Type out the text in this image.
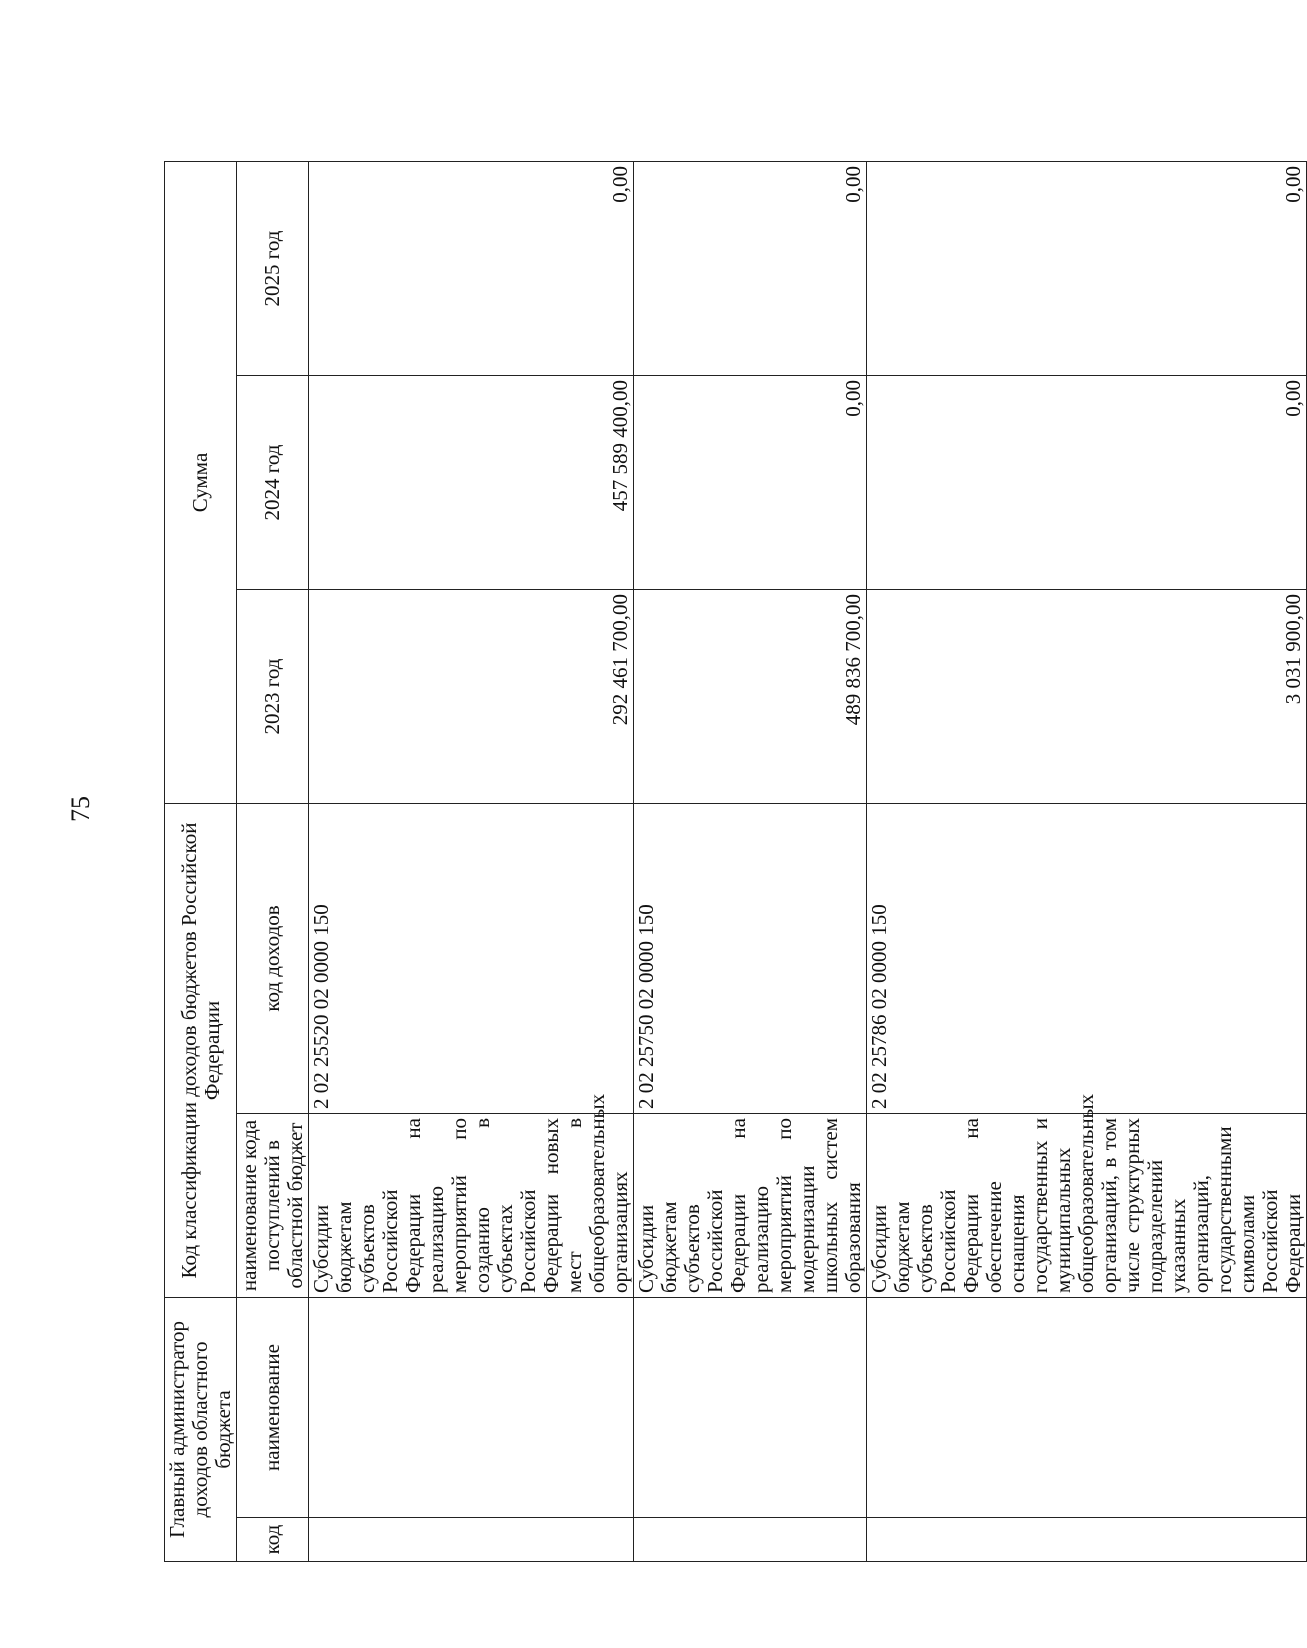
75
Главный администратор доходов областного бюджета		Код классификации доходов бюджетов Российской Федерации		Сумма		
код	наименование	наименование кода поступлений в областной бюджет	код доходов	2023 год	2024 год	2025 год
		Субсидии бюджетам субъектов Российской Федерации на реализацию мероприятий по созданию в субъектах Российской Федерации новых мест в общеобразовательных организациях	2 02 25520 02 0000 150	292 461 700,00	457 589 400,00	0,00
		Субсидии бюджетам субъектов Российской Федерации на реализацию мероприятий по модернизации школьных систем образования	2 02 25750 02 0000 150	489 836 700,00	0,00	0,00
		Субсидии бюджетам субъектов Российской Федерации на обеспечение оснащения государственных и муниципальных общеобразовательных организаций, в том числе структурных подразделений указанных организаций, государственными символами Российской Федерации	2 02 25786 02 0000 150	3 031 900,00	0,00	0,00
